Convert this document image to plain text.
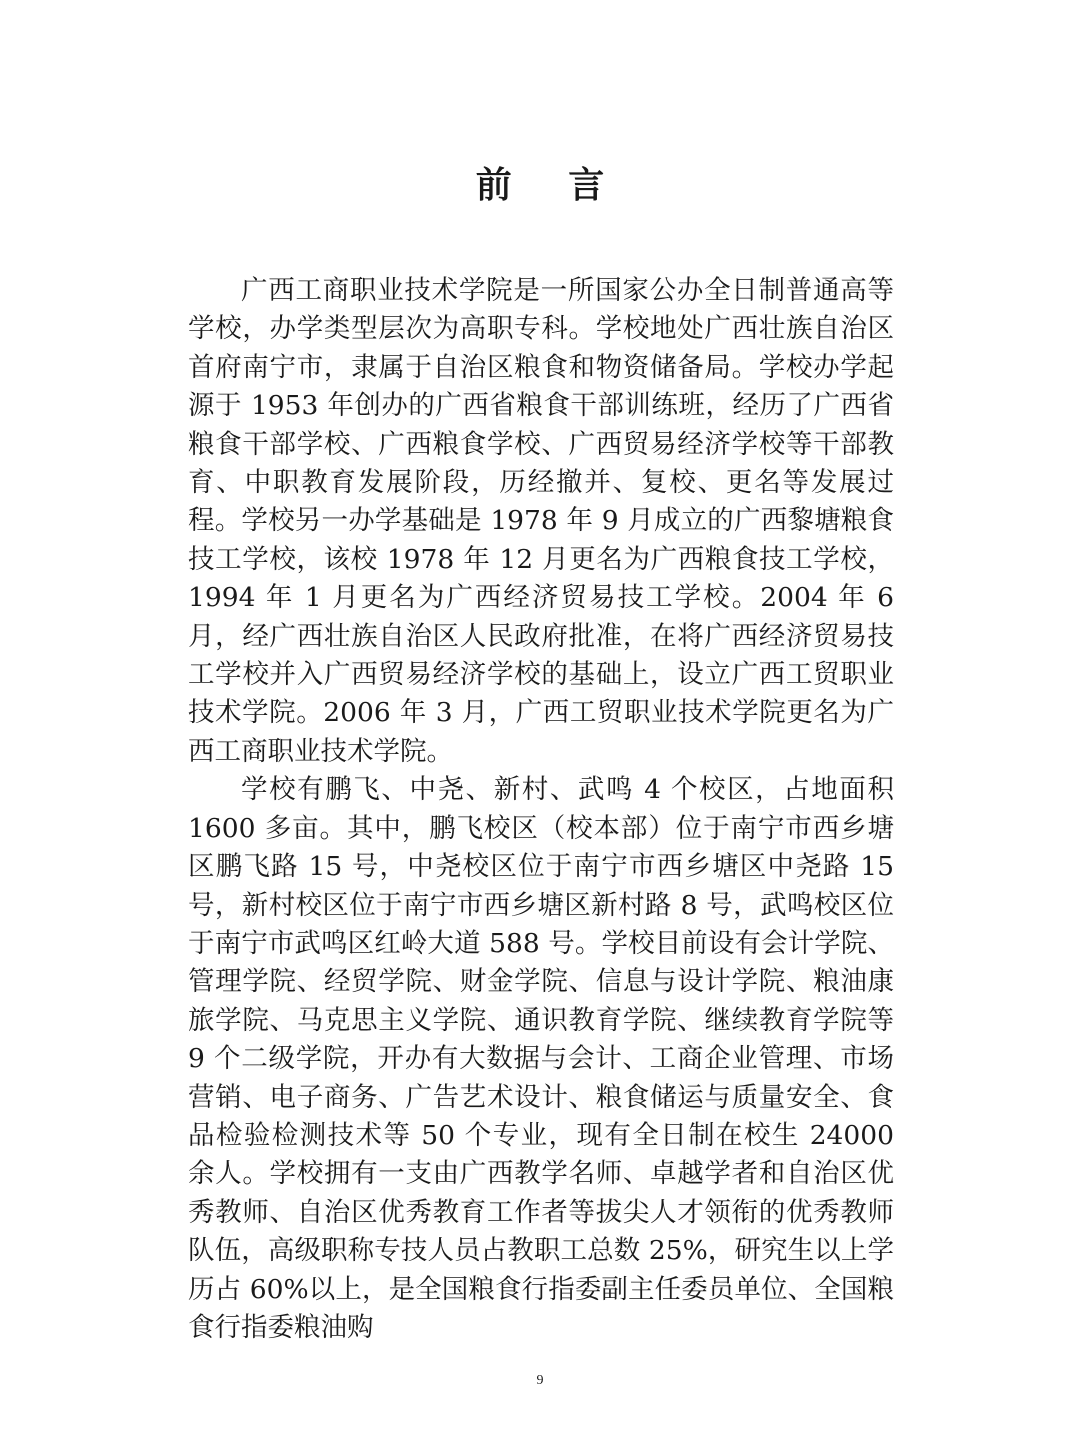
前 言

广西工商职业技术学院是一所国家公办全日制普通高等学校，办学类型层次为高职专科。学校地处广西壮族自治区首府南宁市，隶属于自治区粮食和物资储备局。学校办学起源于 1953 年创办的广西省粮食干部训练班，经历了广西省粮食干部学校、广西粮食学校、广西贸易经济学校等干部教育、中职教育发展阶段，历经撤并、复校、更名等发展过程。学校另一办学基础是 1978 年 9 月成立的广西黎塘粮食技工学校，该校 1978 年 12 月更名为广西粮食技工学校，1994 年 1 月更名为广西经济贸易技工学校。2004 年 6 月，经广西壮族自治区人民政府批准，在将广西经济贸易技工学校并入广西贸易经济学校的基础上，设立广西工贸职业技术学院。2006 年 3 月，广西工贸职业技术学院更名为广西工商职业技术学院。

学校有鹏飞、中尧、新村、武鸣 4 个校区，占地面积 1600 多亩。其中，鹏飞校区（校本部）位于南宁市西乡塘区鹏飞路 15 号，中尧校区位于南宁市西乡塘区中尧路 15 号，新村校区位于南宁市西乡塘区新村路 8 号，武鸣校区位于南宁市武鸣区红岭大道 588 号。学校目前设有会计学院、管理学院、经贸学院、财金学院、信息与设计学院、粮油康旅学院、马克思主义学院、通识教育学院、继续教育学院等 9 个二级学院，开办有大数据与会计、工商企业管理、市场营销、电子商务、广告艺术设计、粮食储运与质量安全、食品检验检测技术等 50 个专业，现有全日制在校生 24000 余人。学校拥有一支由广西教学名师、卓越学者和自治区优秀教师、自治区优秀教育工作者等拔尖人才领衔的优秀教师队伍，高级职称专技人员占教职工总数 25%，研究生以上学历占 60%以上，是全国粮食行指委副主任委员单位、全国粮食行指委粮油购

9
